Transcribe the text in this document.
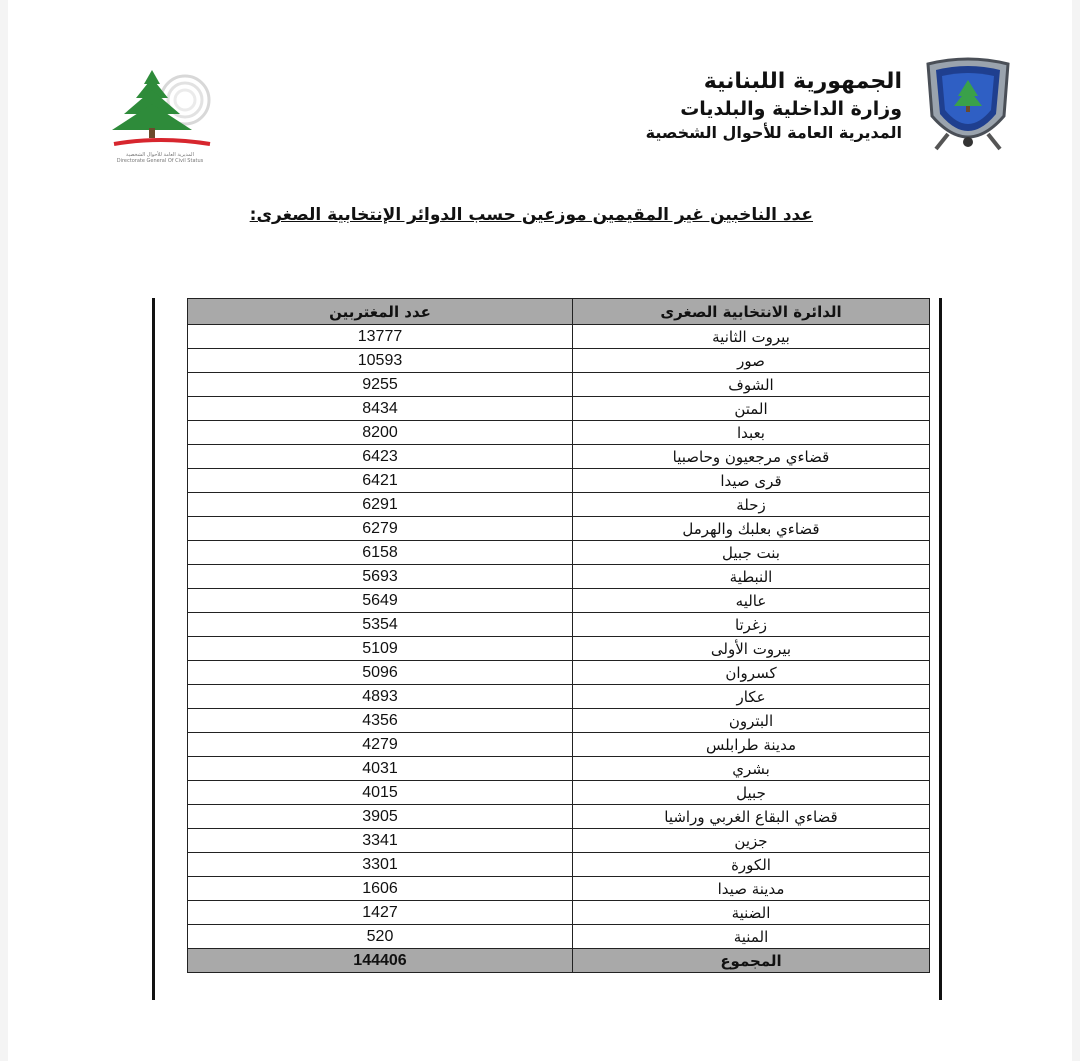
المديرية العامة للأحوال الشخصية
Directorate General Of Civil Status
الجمهورية اللبنانية
وزارة الداخلية والبلديات
المديرية العامة للأحوال الشخصية
عدد الناخبين غير المقيمين موزعين حسب الدوائر الإنتخابية الصغرى:
عدد المغتربين	الدائرة الانتخابية الصغرى
13777	بيروت الثانية
10593	صور
9255	الشوف
8434	المتن
8200	بعبدا
6423	قضاءي مرجعيون وحاصبيا
6421	قرى صيدا
6291	زحلة
6279	قضاءي بعلبك والهرمل
6158	بنت جبيل
5693	النبطية
5649	عاليه
5354	زغرتا
5109	بيروت الأولى
5096	كسروان
4893	عكار
4356	البترون
4279	مدينة طرابلس
4031	بشري
4015	جبيل
3905	قضاءي البقاع الغربي وراشيا
3341	جزين
3301	الكورة
1606	مدينة صيدا
1427	الضنية
520	المنية
144406	المجموع
